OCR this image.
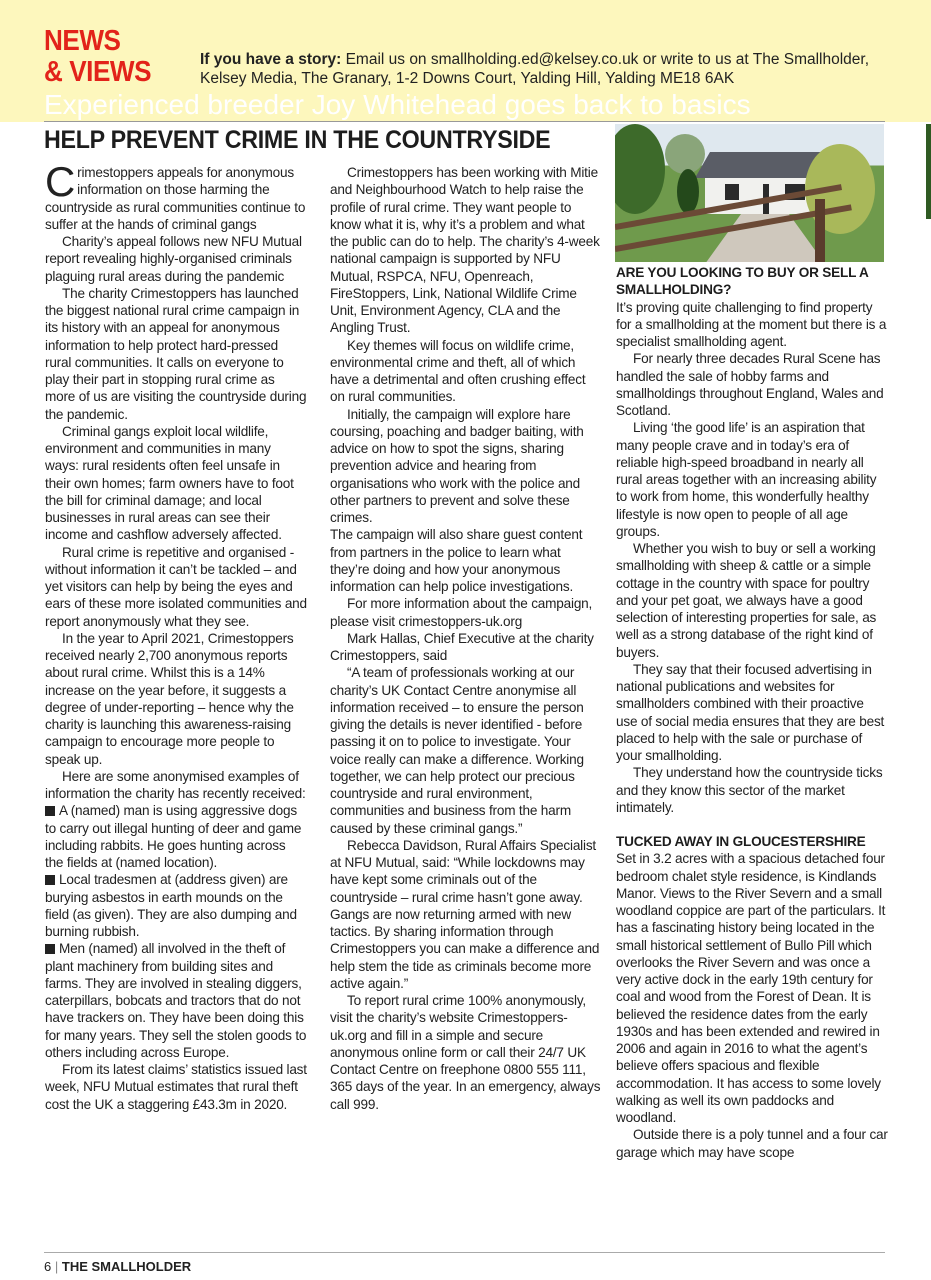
NEWS
& VIEWS	If you have a story: Email us on smallholding.ed@kelsey.co.uk or write to us at The Smallholder,
Kelsey Media, The Granary, 1-2 Downs Court, Yalding Hill, Yalding ME18 6AK
Experienced breeder Joy Whitehead goes back to basics
HELP PREVENT CRIME IN THE COUNTRYSIDE

Crimestoppers appeals for anonymous information on those harming the countryside as rural communities continue to suffer at the hands of criminal gangs

Charity’s appeal follows new NFU Mutual report revealing highly-organised criminals plaguing rural areas during the pandemic

The charity Crimestoppers has launched the biggest national rural crime campaign in its history with an appeal for anonymous information to help protect hard-pressed rural communities. It calls on everyone to play their part in stopping rural crime as more of us are visiting the countryside during the pandemic.

Criminal gangs exploit local wildlife, environment and communities in many ways: rural residents often feel unsafe in their own homes; farm owners have to foot the bill for criminal damage; and local businesses in rural areas can see their income and cashflow adversely affected.

Rural crime is repetitive and organised - without information it can’t be tackled – and yet visitors can help by being the eyes and ears of these more isolated communities and report anonymously what they see.

In the year to April 2021, Crimestoppers received nearly 2,700 anonymous reports about rural crime. Whilst this is a 14% increase on the year before, it suggests a degree of under-reporting – hence why the charity is launching this awareness-raising campaign to encourage more people to speak up.

Here are some anonymised examples of information the charity has recently received:

A (named) man is using aggressive dogs to carry out illegal hunting of deer and game including rabbits. He goes hunting across the fields at (named location).

Local tradesmen at (address given) are burying asbestos in earth mounds on the field (as given). They are also dumping and burning rubbish.

Men (named) all involved in the theft of plant machinery from building sites and farms. They are involved in stealing diggers, caterpillars, bobcats and tractors that do not have trackers on. They have been doing this for many years. They sell the stolen goods to others including across Europe.

From its latest claims’ statistics issued last week, NFU Mutual estimates that rural theft cost the UK a staggering £43.3m in 2020.

Crimestoppers has been working with Mitie and Neighbourhood Watch to help raise the profile of rural crime. They want people to know what it is, why it’s a problem and what the public can do to help. The charity’s 4-week national campaign is supported by NFU Mutual, RSPCA, NFU, Openreach, FireStoppers, Link, National Wildlife Crime Unit, Environment Agency, CLA and the Angling Trust.

Key themes will focus on wildlife crime, environmental crime and theft, all of which have a detrimental and often crushing effect on rural communities.

Initially, the campaign will explore hare coursing, poaching and badger baiting, with advice on how to spot the signs, sharing prevention advice and hearing from organisations who work with the police and other partners to prevent and solve these crimes.

The campaign will also share guest content from partners in the police to learn what they’re doing and how your anonymous information can help police investigations.

For more information about the campaign, please visit crimestoppers-uk.org

Mark Hallas, Chief Executive at the charity Crimestoppers, said

“A team of professionals working at our charity’s UK Contact Centre anonymise all information received – to ensure the person giving the details is never identified - before passing it on to police to investigate. Your voice really can make a difference. Working together, we can help protect our precious countryside and rural environment, communities and business from the harm caused by these criminal gangs.”

Rebecca Davidson, Rural Affairs Specialist at NFU Mutual, said: “While lockdowns may have kept some criminals out of the countryside – rural crime hasn’t gone away. Gangs are now returning armed with new tactics. By sharing information through Crimestoppers you can make a difference and help stem the tide as criminals become more active again.”

To report rural crime 100% anonymously, visit the charity’s website Crimestoppers-uk.org and fill in a simple and secure anonymous online form or call their 24/7 UK Contact Centre on freephone 0800 555 111, 365 days of the year. In an emergency, always call 999.

ARE YOU LOOKING TO BUY OR SELL A SMALLHOLDING?

It’s proving quite challenging to find property for a smallholding at the moment but there is a specialist smallholding agent.

For nearly three decades Rural Scene has handled the sale of hobby farms and smallholdings throughout England, Wales and Scotland.

Living ‘the good life’ is an aspiration that many people crave and in today’s era of reliable high-speed broadband in nearly all rural areas together with an increasing ability to work from home, this wonderfully healthy lifestyle is now open to people of all age groups.

Whether you wish to buy or sell a working smallholding with sheep & cattle or a simple cottage in the country with space for poultry and your pet goat, we always have a good selection of interesting properties for sale, as well as a strong database of the right kind of buyers.

They say that their focused advertising in national publications and websites for smallholders combined with their proactive use of social media ensures that they are best placed to help with the sale or purchase of your smallholding.

They understand how the countryside ticks and they know this sector of the market intimately.

TUCKED AWAY IN GLOUCESTERSHIRE

Set in 3.2 acres with a spacious detached four bedroom chalet style residence, is Kindlands Manor. Views to the River Severn and a small woodland coppice are part of the particulars. It has a fascinating history being located in the small historical settlement of Bullo Pill which overlooks the River Severn and was once a very active dock in the early 19th century for coal and wood from the Forest of Dean. It is believed the residence dates from the early 1930s and has been extended and rewired in 2006 and again in 2016 to what the agent’s believe offers spacious and flexible accommodation. It has access to some lovely walking as well its own paddocks and woodland.

Outside there is a poly tunnel and a four car garage which may have scope

6 | THE SMALLHOLDER
